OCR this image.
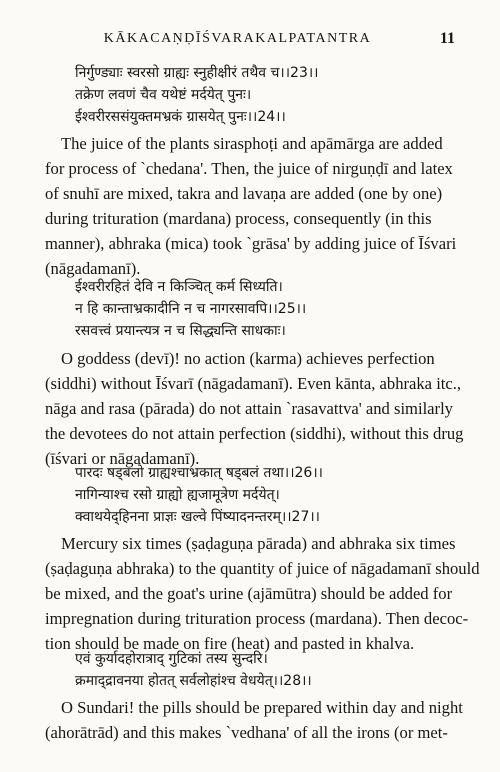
KĀKACAṆḌĪŚVARAKALPATANTRA	11
निर्गुण्ड्याः स्वरसो ग्राह्यः स्नुहीक्षीरं तथैव च।।23।।
तक्रेण लवणं चैव यथेष्टं मर्दयेत् पुनः।
ईश्वरीरससंयुक्तमभ्रकं ग्रासयेत् पुनः।।24।।
The juice of the plants sirasphoṭi and apāmārga are added
for process of `chedana'. Then, the juice of nirguṇḍī and latex
of snuhī are mixed, takra and lavaṇa are added (one by one)
during trituration (mardana) process, consequently (in this
manner), abhraka (mica) took `grāsa' by adding juice of Īśvari
(nāgadamanī).
ईश्वरीरहितं देवि न किञ्चित् कर्म सिध्यति।
न हि कान्ताभ्रकादीनि न च नागरसावपि।।25।।
रसवत्त्वं प्रयान्त्यत्र न च सिद्ध्यन्ति साधकाः।
O goddess (devī)! no action (karma) achieves perfection
(siddhi) without Īśvarī (nāgadamanī). Even kānta, abhraka itc.,
nāga and rasa (pārada) do not attain `rasavattva' and similarly
the devotees do not attain perfection (siddhi), without this drug
(īśvari or nāgadamanī).
पारदः षड्बलो ग्राह्यश्चाभ्रकात् षड्बलं तथा।।26।।
नागिन्याश्च रसो ग्राह्यो ह्यजामूत्रेण मर्दयेत्।
क्वाथयेद्हिनना प्राज्ञः खल्वे पिंष्यादनन्तरम्।।27।।
Mercury six times (ṣaḍaguṇa pārada) and abhraka six times
(ṣaḍaguṇa abhraka) to the quantity of juice of nāgadamanī should
be mixed, and the goat's urine (ajāmūtra) should be added for
impregnation during trituration process (mardana). Then decoc-
tion should be made on fire (heat) and pasted in khalva.
एवं कुर्यादहोरात्राद् गुटिकां तस्य सुन्दरि।
क्रमाद्द्रावनया होतत् सर्वलोहांश्च वेधयेत्।।28।।
O Sundari! the pills should be prepared within day and night
(ahorātrād) and this makes `vedhana' of all the irons (or met-
